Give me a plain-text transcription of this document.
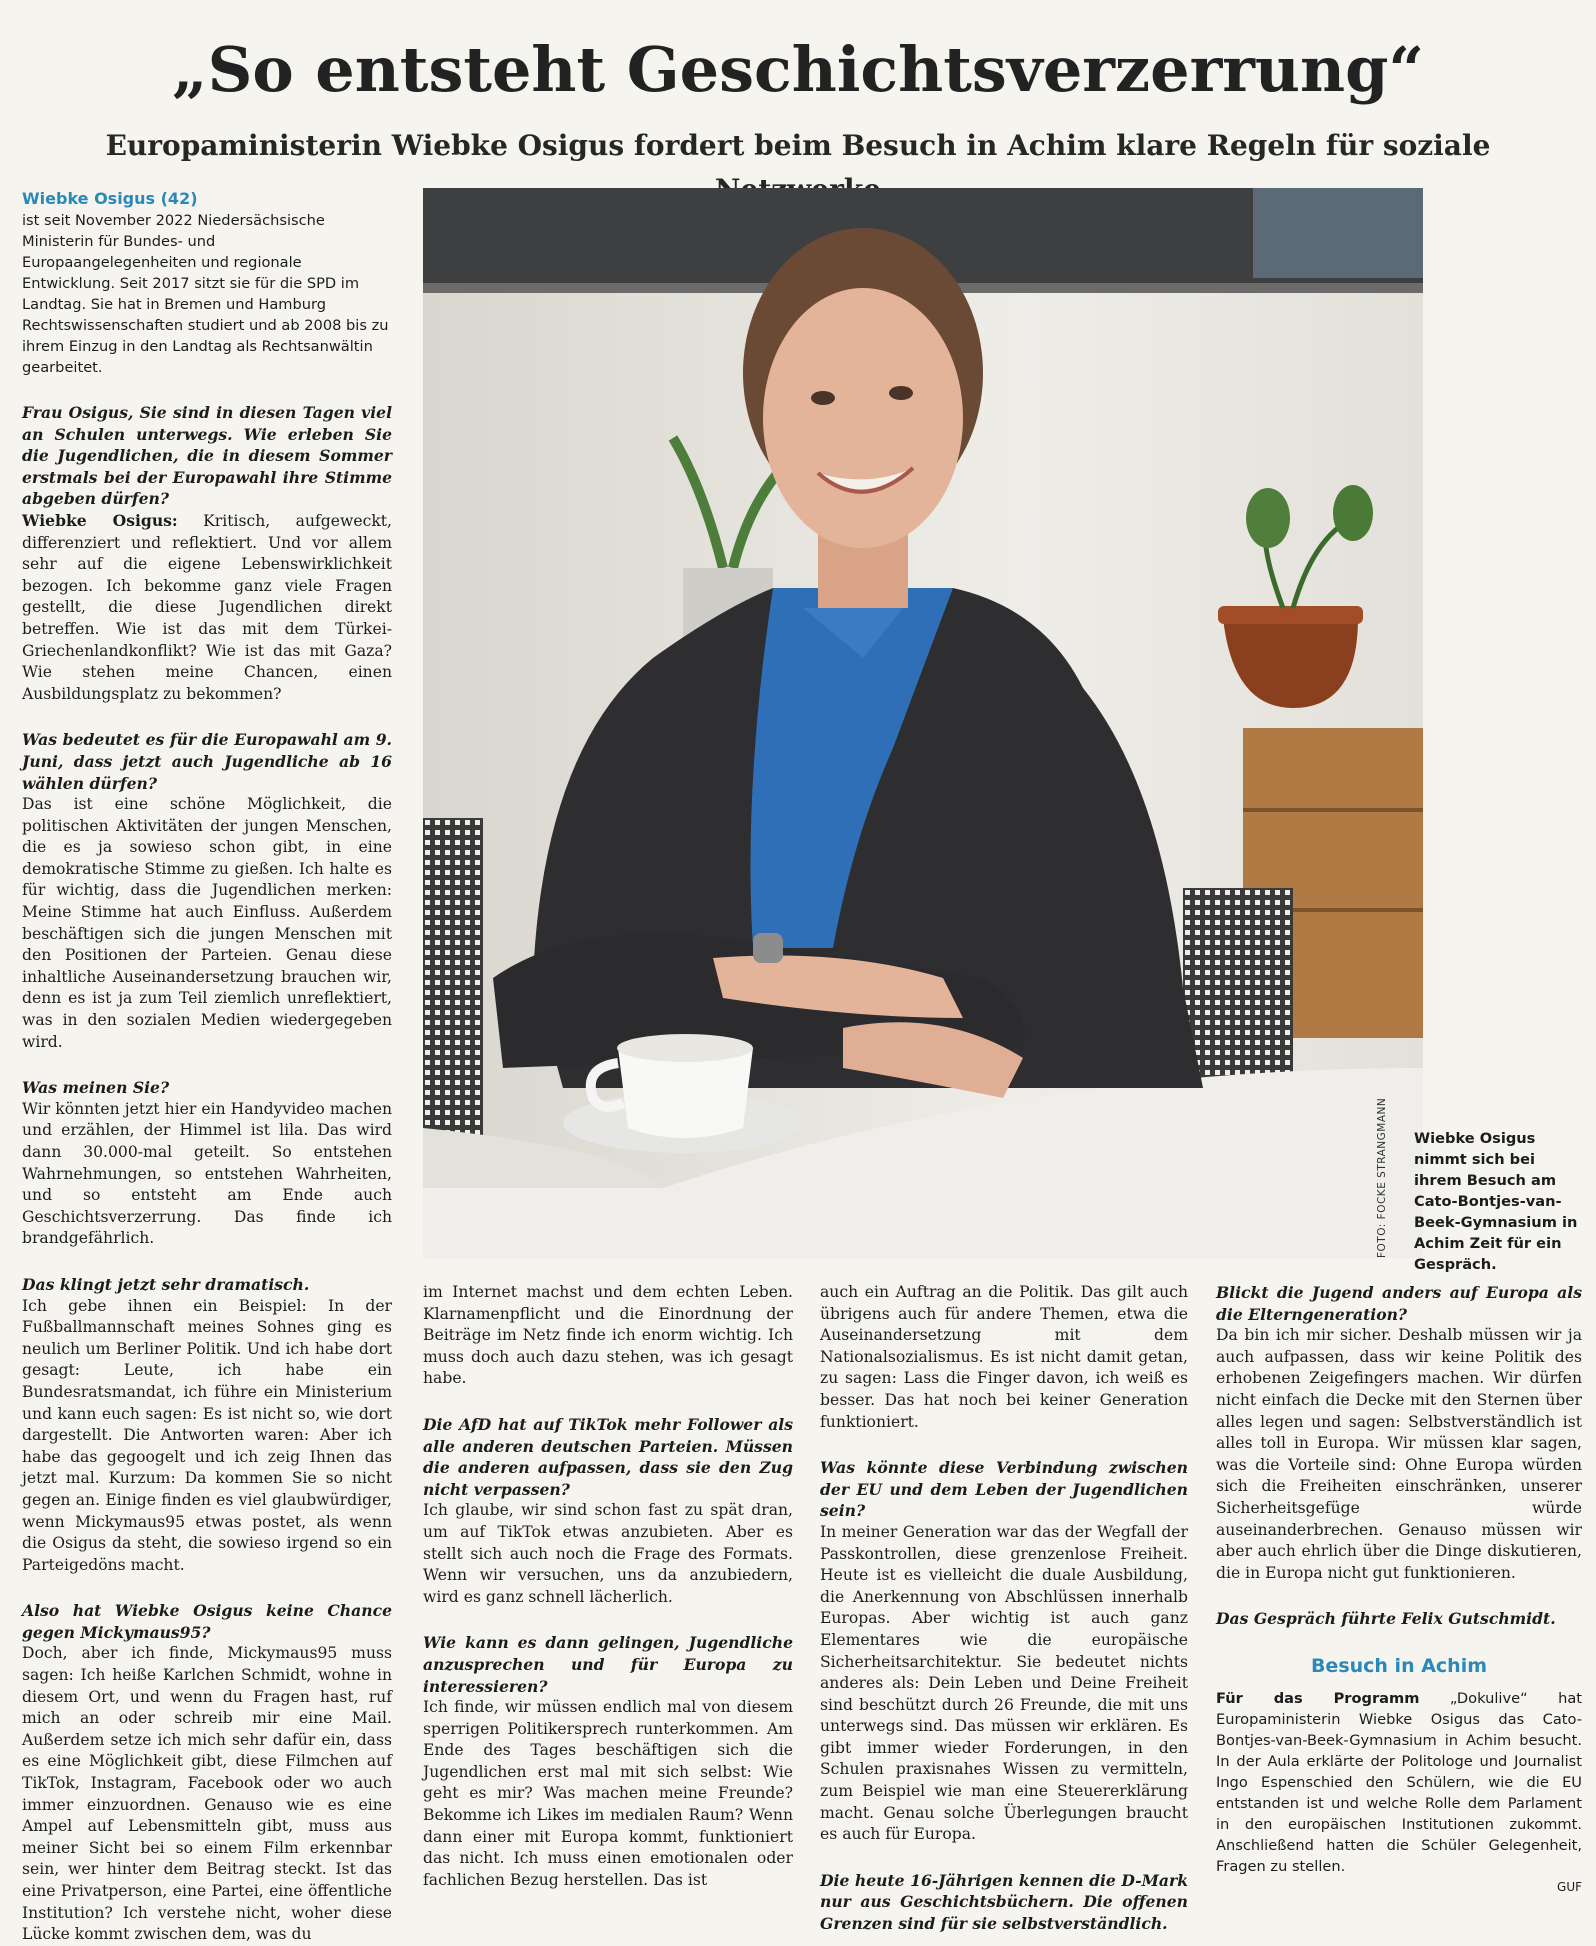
„So entsteht Geschichtsverzerrung“
Europaministerin Wiebke Osigus fordert beim Besuch in Achim klare Regeln für soziale
Wiebke Osigus (42)
ist seit November 2022 Niedersächsische Ministerin für Bundes- und Europaangelegenheiten und regionale Entwicklung. Seit 2017 sitzt sie für die SPD im Landtag. Sie hat in Bremen und Hamburg Rechtswissenschaften studiert und ab 2008 bis zu ihrem Einzug in den Landtag als Rechtsanwältin gearbeitet.

Frau Osigus, Sie sind in diesen Tagen viel an Schulen unterwegs. Wie erleben Sie die Jugendlichen, die in diesem Sommer erstmals bei der Europawahl ihre Stimme abgeben dürfen?

Wiebke Osigus: Kritisch, aufgeweckt, differenziert und reflektiert. Und vor allem sehr auf die eigene Lebenswirklichkeit bezogen. Ich bekomme ganz viele Fragen gestellt, die diese Jugendlichen direkt betreffen. Wie ist das mit dem Türkei-Griechenlandkonflikt? Wie ist das mit Gaza? Wie stehen meine Chancen, einen Ausbildungsplatz zu bekommen?

Was bedeutet es für die Europawahl am 9. Juni, dass jetzt auch Jugendliche ab 16 wählen dürfen?

Das ist eine schöne Möglichkeit, die politischen Aktivitäten der jungen Menschen, die es ja sowieso schon gibt, in eine demokratische Stimme zu gießen. Ich halte es für wichtig, dass die Jugendlichen merken: Meine Stimme hat auch Einfluss. Außerdem beschäftigen sich die jungen Menschen mit den Positionen der Parteien. Genau diese inhaltliche Auseinandersetzung brauchen wir, denn es ist ja zum Teil ziemlich unreflektiert, was in den sozialen Medien wiedergegeben wird.

Was meinen Sie?

Wir könnten jetzt hier ein Handyvideo machen und erzählen, der Himmel ist lila. Das wird dann 30.000-mal geteilt. So entstehen Wahrnehmungen, so entstehen Wahrheiten, und so entsteht am Ende auch Geschichtsverzerrung. Das finde ich brandgefährlich.

Das klingt jetzt sehr dramatisch.

Ich gebe ihnen ein Beispiel: In der Fußballmannschaft meines Sohnes ging es neulich um Berliner Politik. Und ich habe dort gesagt: Leute, ich habe ein Bundesratsmandat, ich führe ein Ministerium und kann euch sagen: Es ist nicht so, wie dort dargestellt. Die Antworten waren: Aber ich habe das gegoogelt und ich zeig Ihnen das jetzt mal. Kurzum: Da kommen Sie so nicht gegen an. Einige finden es viel glaubwürdiger, wenn Mickymaus95 etwas postet, als wenn die Osigus da steht, die sowieso irgend so ein Parteigedöns macht.

Also hat Wiebke Osigus keine Chance gegen Mickymaus95?

Doch, aber ich finde, Mickymaus95 muss sagen: Ich heiße Karlchen Schmidt, wohne in diesem Ort, und wenn du Fragen hast, ruf mich an oder schreib mir eine Mail. Außerdem setze ich mich sehr dafür ein, dass es eine Möglichkeit gibt, diese Filmchen auf TikTok, Instagram, Facebook oder wo auch immer einzuordnen. Genauso wie es eine Ampel auf Lebensmitteln gibt, muss aus meiner Sicht bei so einem Film erkennbar sein, wer hinter dem Beitrag steckt. Ist das eine Privatperson, eine Partei, eine öffentliche Institution? Ich verstehe nicht, woher diese Lücke kommt zwischen dem, was du

FOTO: FOCKE STRANGMANN Wiebke Osigus nimmt sich bei ihrem Besuch am Cato-Bontjes-van-Beek-Gymnasium in Achim Zeit für ein Gespräch.

im Internet machst und dem echten Leben. Klarnamenpflicht und die Einordnung der Beiträge im Netz finde ich enorm wichtig. Ich muss doch auch dazu stehen, was ich gesagt habe.

Die AfD hat auf TikTok mehr Follower als alle anderen deutschen Parteien. Müssen die anderen aufpassen, dass sie den Zug nicht verpassen?

Ich glaube, wir sind schon fast zu spät dran, um auf TikTok etwas anzubieten. Aber es stellt sich auch noch die Frage des Formats. Wenn wir versuchen, uns da anzubiedern, wird es ganz schnell lächerlich.

Wie kann es dann gelingen, Jugendliche anzusprechen und für Europa zu interessieren?

Ich finde, wir müssen endlich mal von diesem sperrigen Politikersprech runterkommen. Am Ende des Tages beschäftigen sich die Jugendlichen erst mal mit sich selbst: Wie geht es mir? Was machen meine Freunde? Bekomme ich Likes im medialen Raum? Wenn dann einer mit Europa kommt, funktioniert das nicht. Ich muss einen emotionalen oder fachlichen Bezug herstellen. Das ist

auch ein Auftrag an die Politik. Das gilt auch übrigens auch für andere Themen, etwa die Auseinandersetzung mit dem Nationalsozialismus. Es ist nicht damit getan, zu sagen: Lass die Finger davon, ich weiß es besser. Das hat noch bei keiner Generation funktioniert.

Was könnte diese Verbindung zwischen der EU und dem Leben der Jugendlichen sein?

In meiner Generation war das der Wegfall der Passkontrollen, diese grenzenlose Freiheit. Heute ist es vielleicht die duale Ausbildung, die Anerkennung von Abschlüssen innerhalb Europas. Aber wichtig ist auch ganz Elementares wie die europäische Sicherheitsarchitektur. Sie bedeutet nichts anderes als: Dein Leben und Deine Freiheit sind beschützt durch 26 Freunde, die mit uns unterwegs sind. Das müssen wir erklären. Es gibt immer wieder Forderungen, in den Schulen praxisnahes Wissen zu vermitteln, zum Beispiel wie man eine Steuererklärung macht. Genau solche Überlegungen braucht es auch für Europa.

Die heute 16-Jährigen kennen die D-Mark nur aus Geschichtsbüchern. Die offenen Grenzen sind für sie selbstverständlich.

Blickt die Jugend anders auf Europa als die Elterngeneration?

Da bin ich mir sicher. Deshalb müssen wir ja auch aufpassen, dass wir keine Politik des erhobenen Zeigefingers machen. Wir dürfen nicht einfach die Decke mit den Sternen über alles legen und sagen: Selbstverständlich ist alles toll in Europa. Wir müssen klar sagen, was die Vorteile sind: Ohne Europa würden sich die Freiheiten einschränken, unserer Sicherheitsgefüge würde auseinanderbrechen. Genauso müssen wir aber auch ehrlich über die Dinge diskutieren, die in Europa nicht gut funktionieren.

Das Gespräch führte Felix Gutschmidt.

Besuch in Achim
Für das Programm „Dokulive“ hat Europaministerin Wiebke Osigus das Cato-Bontjes-van-Beek-Gymnasium in Achim besucht. In der Aula erklärte der Politologe und Journalist Ingo Espenschied den Schülern, wie die EU entstanden ist und welche Rolle dem Parlament in den europäischen Institutionen zukommt. Anschließend hatten die Schüler Gelegenheit, Fragen zu stellen.
GUF
